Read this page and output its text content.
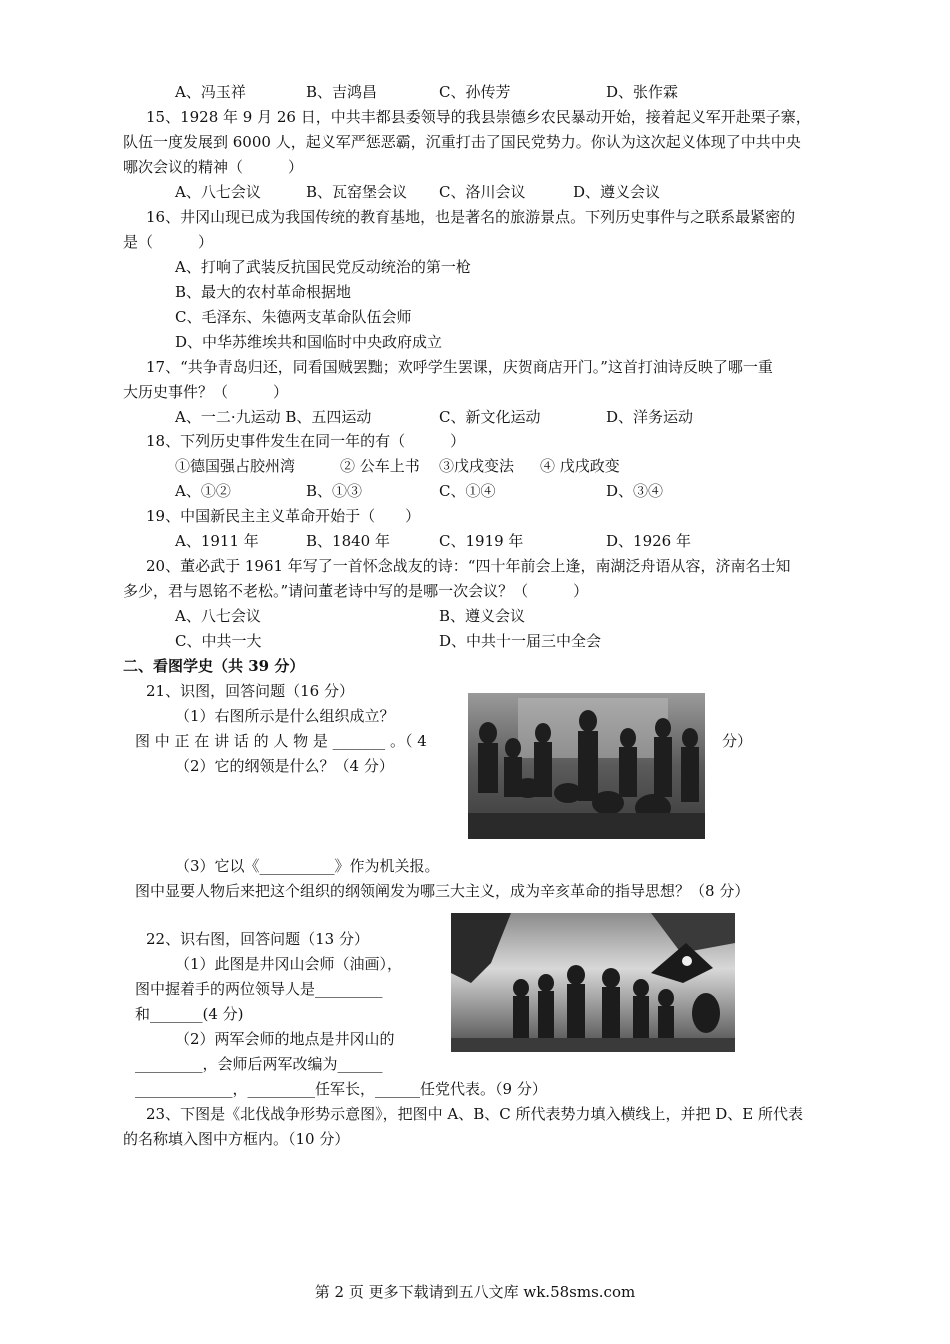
A、冯玉祥	B、吉鸿昌	C、孙传芳	D、张作霖
15、1928 年 9 月 26 日，中共丰都县委领导的我县崇德乡农民暴动开始，接着起义军开赴栗子寨，
队伍一度发展到 6000 人，起义军严惩恶霸，沉重打击了国民党势力。你认为这次起义体现了中共中央
哪次会议的精神（　　　）
A、八七会议	B、瓦窑堡会议 C、洛川会议	D、遵义会议
16、井冈山现已成为我国传统的教育基地，也是著名的旅游景点。下列历史事件与之联系最紧密的
是（　　　）
A、打响了武装反抗国民党反动统治的第一枪
B、最大的农村革命根据地
C、毛泽东、朱德两支革命队伍会师
D、中华苏维埃共和国临时中央政府成立
17、“共争青岛归还，同看国贼罢黜；欢呼学生罢课，庆贺商店开门。”这首打油诗反映了哪一重
大历史事件？（　　　）
A、一二·九运动 B、五四运动	C、新文化运动	D、洋务运动
18、下列历史事件发生在同一年的有（　　　）
①德国强占胶州湾	② 公车上书 ③戊戌变法 ④ 戊戌政变
A、①②	B、①③	C、①④	D、③④
19、中国新民主主义革命开始于（　　）
A、1911 年	B、1840 年	C、1919 年	D、1926 年
20、董必武于 1961 年写了一首怀念战友的诗：“四十年前会上逢，南湖泛舟语从容，济南名士知
多少，君与恩铭不老松。”请问董老诗中写的是哪一次会议？（　　　）
A、八七会议	B、遵义会议
C、中共一大	D、中共十一届三中全会
二、看图学史（共 39 分）
21、识图，回答问题（16 分）
（1）右图所示是什么组织成立？
图 中 正 在 讲 话 的 人 物 是 _______ 。（ 4	分）
（2）它的纲领是什么？（4 分）
（3）它以《__________》作为机关报。
图中显要人物后来把这个组织的纲领阐发为哪三大主义，成为辛亥革命的指导思想？（8 分）
22、识右图，回答问题（13 分）
（1）此图是井冈山会师（油画），
图中握着手的两位领导人是_________
和_______(4 分)
（2）两军会师的地点是井冈山的
_________，会师后两军改编为______
_____________，_________任军长，______任党代表。（9 分）
23、下图是《北伐战争形势示意图》，把图中 A、B、C 所代表势力填入横线上，并把 D、E 所代表
的名称填入图中方框内。（10 分）
第 2 页 更多下载请到五八文库 wk.58sms.com
